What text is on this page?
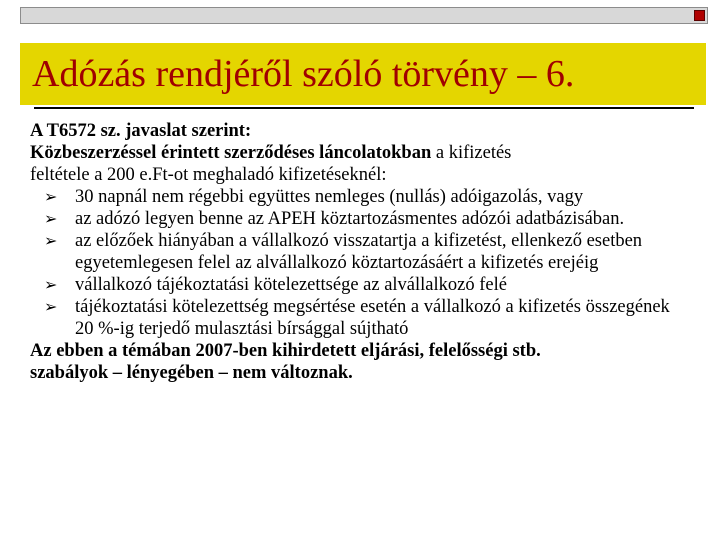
Adózás rendjéről szóló törvény – 6.

A T6572 sz. javaslat szerint:

Közbeszerzéssel érintett szerződéses láncolatokban a kifizetés

feltétele a 200 e.Ft-ot meghaladó kifizetéseknél:

➢ 30 napnál nem régebbi együttes nemleges (nullás) adóigazolás, vagy
➢ az adózó legyen benne az APEH köztartozásmentes adózói adatbázisában.
➢ az előzőek hiányában a vállalkozó visszatartja a kifizetést, ellenkező esetben egyetemlegesen felel az alvállalkozó köztartozásáért a kifizetés erejéig
➢ vállalkozó tájékoztatási kötelezettsége az alvállalkozó felé
➢ tájékoztatási kötelezettség megsértése esetén a vállalkozó a kifizetés összegének 20 %-ig terjedő mulasztási bírsággal sújtható

Az ebben a témában 2007-ben kihirdetett eljárási, felelősségi stb.

szabályok – lényegében – nem változnak.
